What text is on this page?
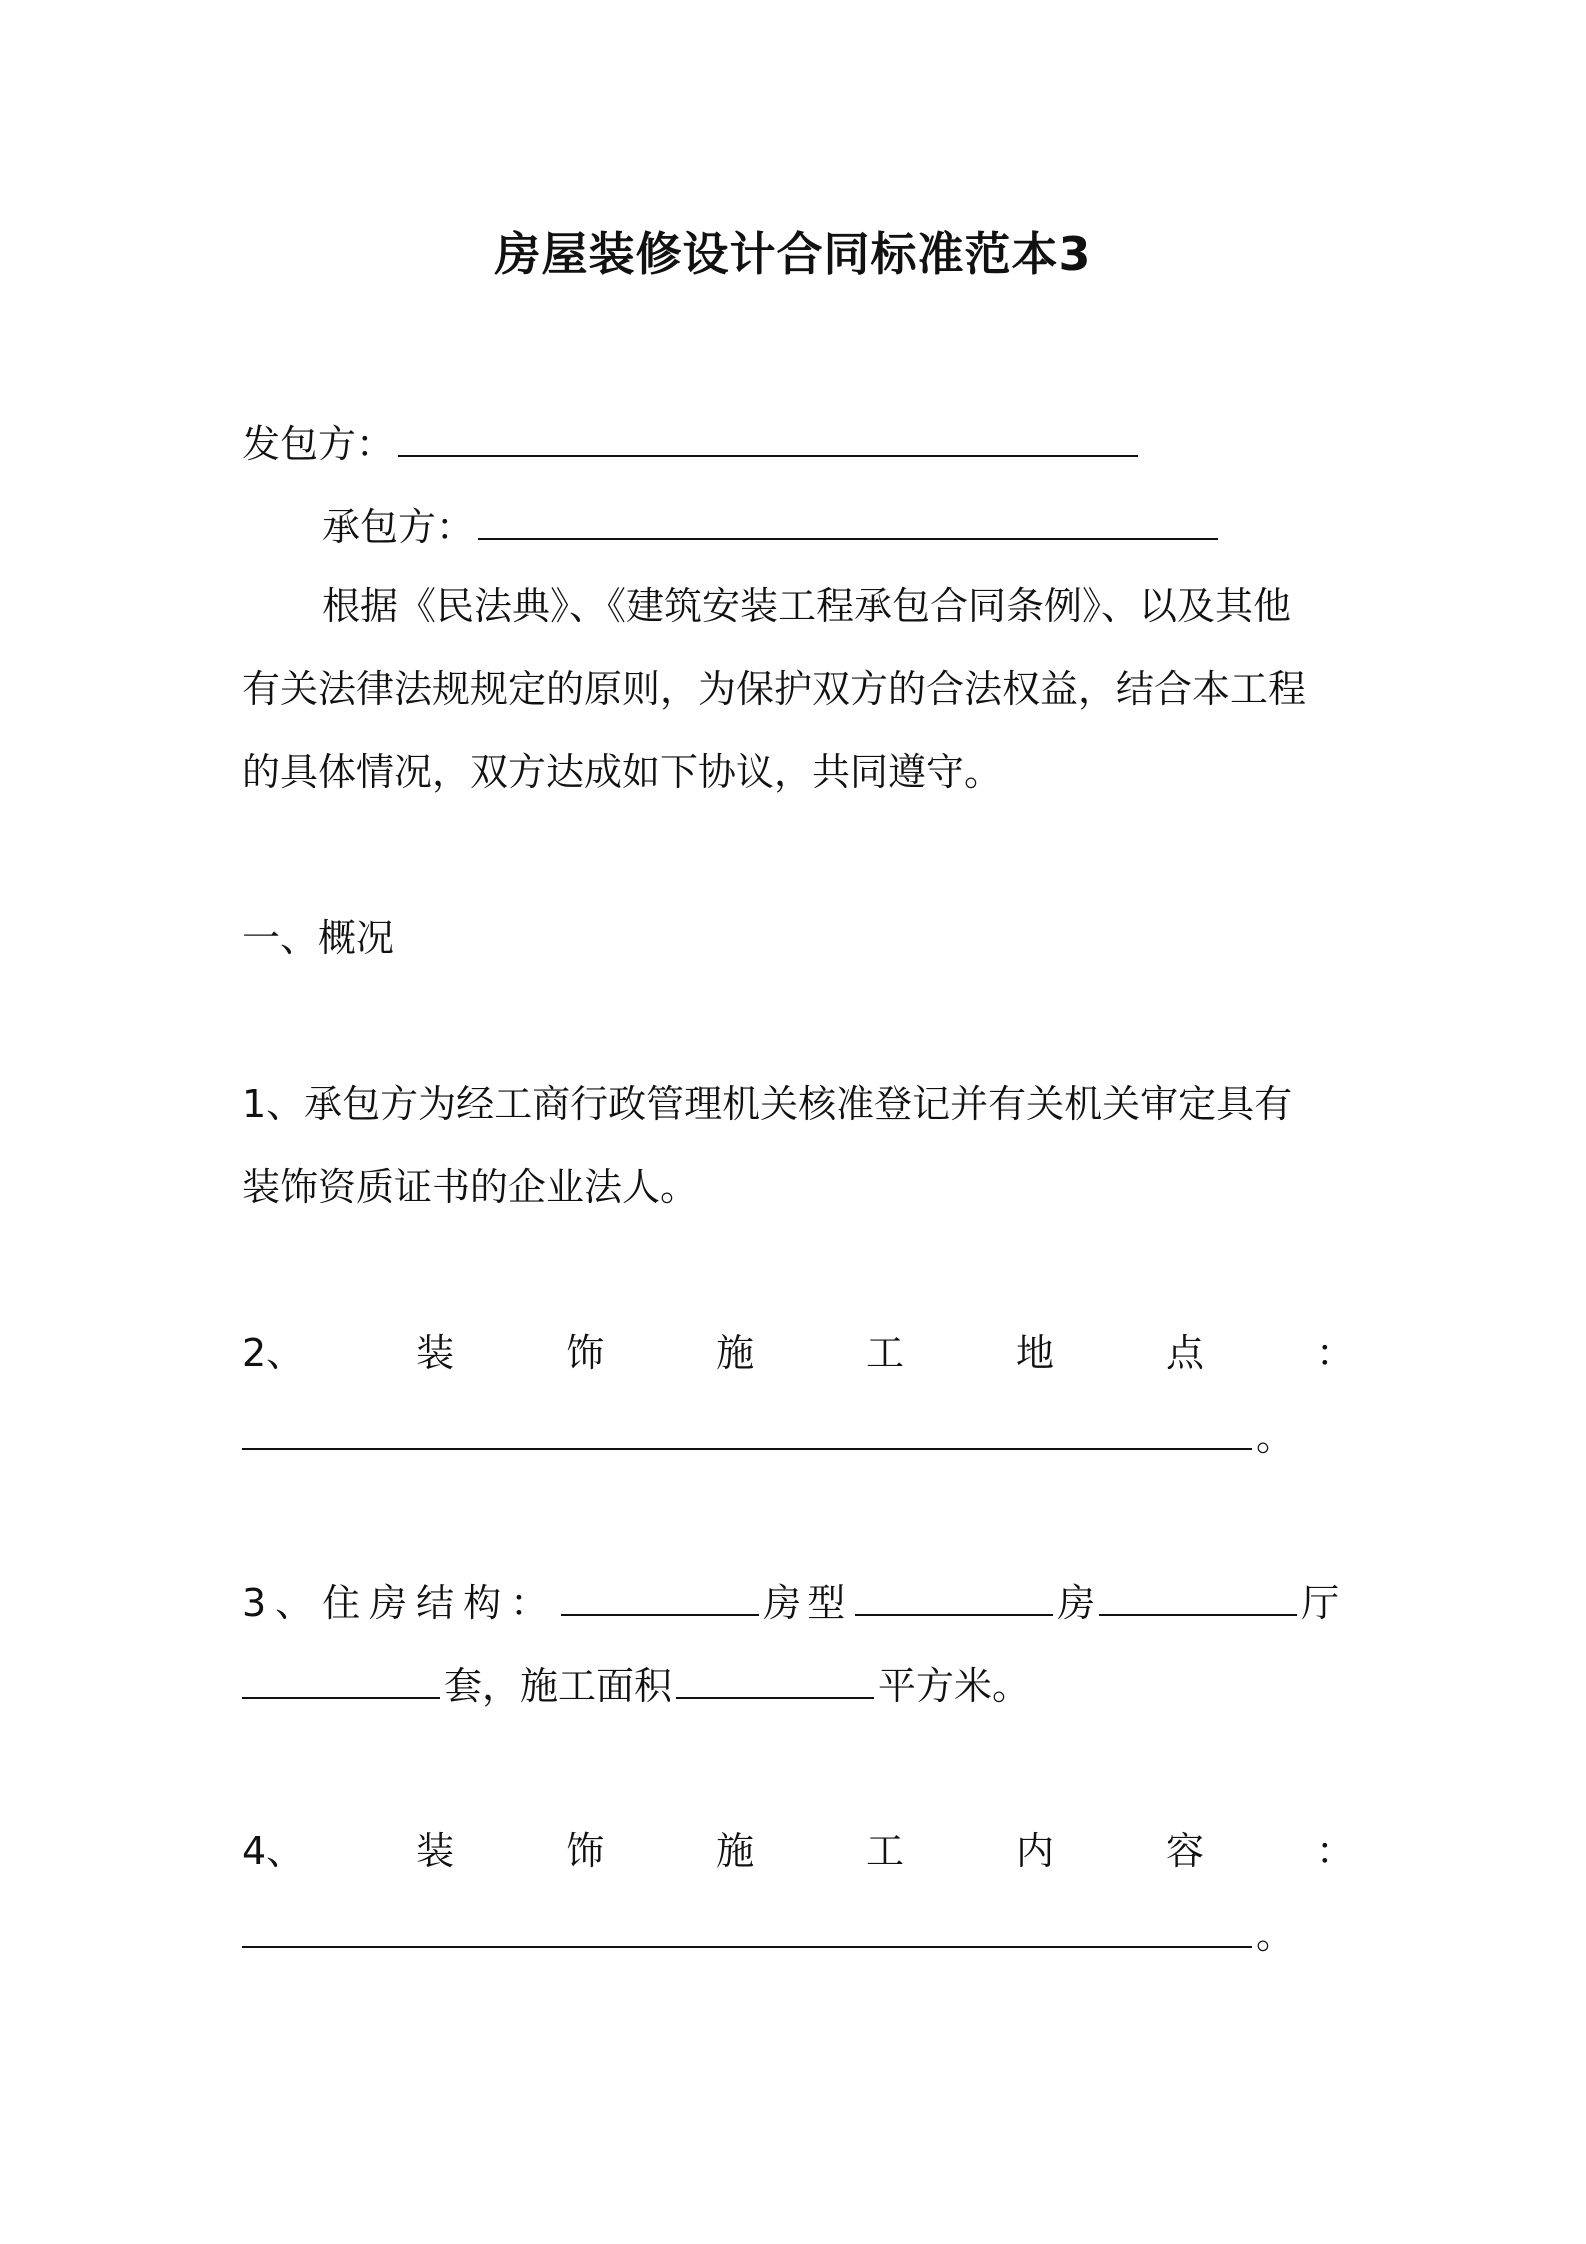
房屋装修设计合同标准范本3
发包方：
承包方：
根据《民法典》、《建筑安装工程承包合同条例》、以及其他
有关法律法规规定的原则，为保护双方的合法权益，结合本工程
的具体情况，双方达成如下协议，共同遵守。
一、概况
1、承包方为经工商行政管理机关核准登记并有关机关审定具有
装饰资质证书的企业法人。
2、	装	饰	施	工	地	点	：
。
3、住房结构：	房型	房	厅
套，施工面积	平方米。
4、	装	饰	施	工	内	容	：
。
